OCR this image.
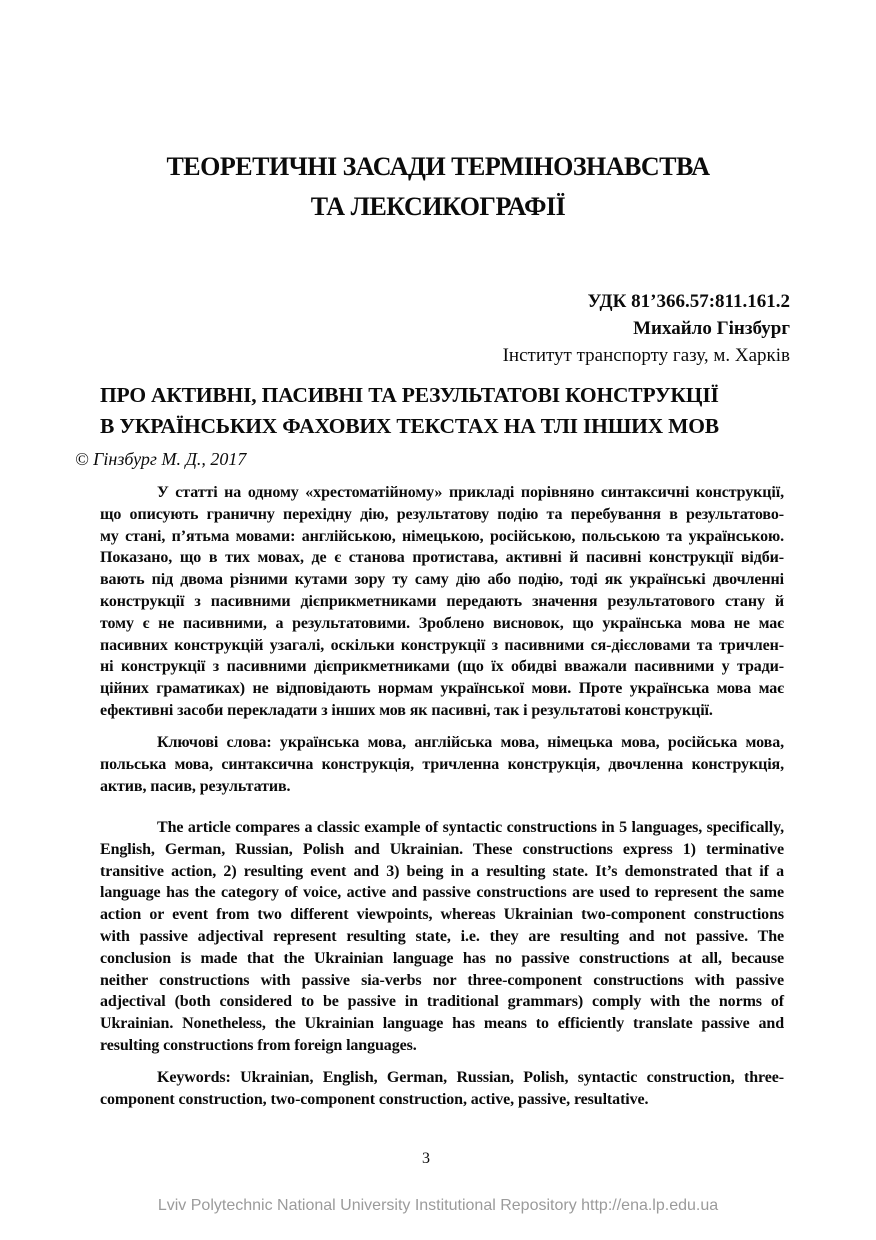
ТЕОРЕТИЧНІ ЗАСАДИ ТЕРМІНОЗНАВСТВА
ТА ЛЕКСИКОГРАФІЇ
УДК 81’366.57:811.161.2
Михайло Гінзбург
Інститут транспорту газу, м. Харків
ПРО АКТИВНІ, ПАСИВНІ ТА РЕЗУЛЬТАТОВІ КОНСТРУКЦІЇ
В УКРАЇНСЬКИХ ФАХОВИХ ТЕКСТАХ НА ТЛІ ІНШИХ МОВ
© Гінзбург М. Д., 2017
У статті на одному «хрестоматійному» прикладі порівняно синтаксичні конструкції,
що описують граничну перехідну дію, результатову подію та перебування в результатово-
му стані, п’ятьма мовами: англійською, німецькою, російською, польською та українською.
Показано, що в тих мовах, де є станова протистава, активні й пасивні конструкції відби-
вають під двома різними кутами зору ту саму дію або подію, тоді як українські двочленні
конструкції з пасивними дієприкметниками передають значення результатового стану й
тому є не пасивними, а результатовими. Зроблено висновок, що українська мова не має
пасивних конструкцій узагалі, оскільки конструкції з пасивними ся-дієсловами та тричлен-
ні конструкції з пасивними дієприкметниками (що їх обидві вважали пасивними у тради-
ційних граматиках) не відповідають нормам української мови. Проте українська мова має
ефективні засоби перекладати з інших мов як пасивні, так і результатові конструкції.
Ключові слова: українська мова, англійська мова, німецька мова, російська мова,
польська мова, синтаксична конструкція, тричленна конструкція, двочленна конструкція,
актив, пасив, результатив.
The article compares a classic example of syntactic constructions in 5 languages, specifically,
English, German, Russian, Polish and Ukrainian. These constructions express 1) terminative
transitive action, 2) resulting event and 3) being in a resulting state. It’s demonstrated that if a
language has the category of voice, active and passive constructions are used to represent the same
action or event from two different viewpoints, whereas Ukrainian two-component constructions
with passive adjectival represent resulting state, i.e. they are resulting and not passive. The
conclusion is made that the Ukrainian language has no passive constructions at all, because
neither constructions with passive sia-verbs nor three-component constructions with passive
adjectival (both considered to be passive in traditional grammars) comply with the norms of
Ukrainian. Nonetheless, the Ukrainian language has means to efficiently translate passive and
resulting constructions from foreign languages.
Keywords: Ukrainian, English, German, Russian, Polish, syntactic construction, three-
component construction, two-component construction, active, passive, resultative.
3
Lviv Polytechnic National University Institutional Repository http://ena.lp.edu.ua
